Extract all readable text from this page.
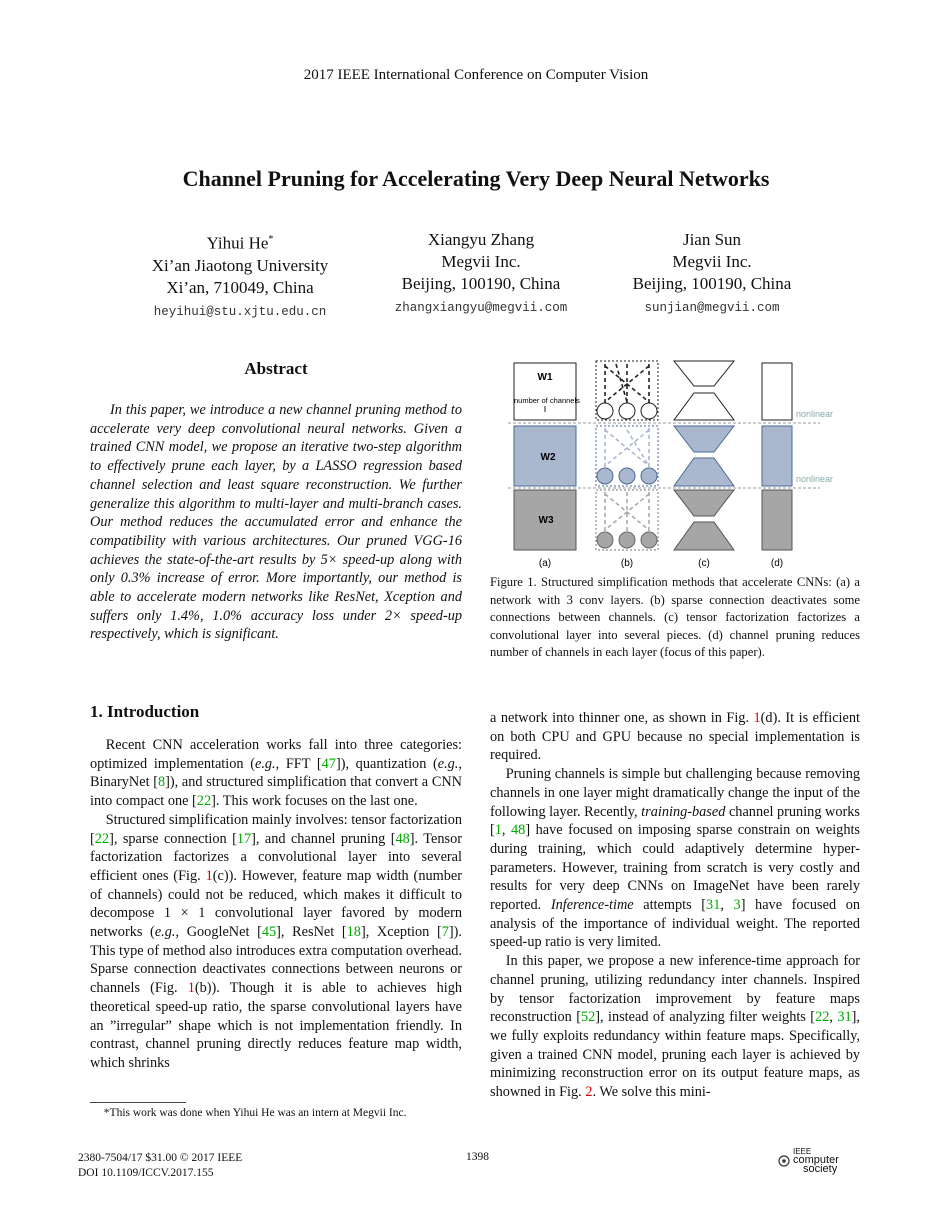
2017 IEEE International Conference on Computer Vision
Channel Pruning for Accelerating Very Deep Neural Networks
Yihui He*
Xi’an Jiaotong University
Xi’an, 710049, China
heyihui@stu.xjtu.edu.cn
Xiangyu Zhang
Megvii Inc.
Beijing, 100190, China
zhangxiangyu@megvii.com
Jian Sun
Megvii Inc.
Beijing, 100190, China
sunjian@megvii.com
Abstract

In this paper, we introduce a new channel pruning method to accelerate very deep convolutional neural networks. Given a trained CNN model, we propose an iterative two-step algorithm to effectively prune each layer, by a LASSO regression based channel selection and least square reconstruction. We further generalize this algorithm to multi-layer and multi-branch cases. Our method reduces the accumulated error and enhance the compatibility with various architectures. Our pruned VGG-16 achieves the state-of-the-art results by 5× speed-up along with only 0.3% increase of error. More importantly, our method is able to accelerate modern networks like ResNet, Xception and suffers only 1.4%, 1.0% accuracy loss under 2× speed-up respectively, which is significant.

nonlinear
nonlinear
W1
number of channels
W2
W3
(a)	(b)	(c)	(d)
Figure 1. Structured simplification methods that accelerate CNNs: (a) a network with 3 conv layers. (b) sparse connection deactivates some connections between channels. (c) tensor factorization factorizes a convolutional layer into several pieces. (d) channel pruning reduces number of channels in each layer (focus of this paper).
1. Introduction

Recent CNN acceleration works fall into three categories: optimized implementation (e.g., FFT [47]), quantization (e.g., BinaryNet [8]), and structured simplification that convert a CNN into compact one [22]. This work focuses on the last one.

Structured simplification mainly involves: tensor factorization [22], sparse connection [17], and channel pruning [48]. Tensor factorization factorizes a convolutional layer into several efficient ones (Fig. 1(c)). However, feature map width (number of channels) could not be reduced, which makes it difficult to decompose 1 × 1 convolutional layer favored by modern networks (e.g., GoogleNet [45], ResNet [18], Xception [7]). This type of method also introduces extra computation overhead. Sparse connection deactivates connections between neurons or channels (Fig. 1(b)). Though it is able to achieves high theoretical speed-up ratio, the sparse convolutional layers have an ”irregular” shape which is not implementation friendly. In contrast, channel pruning directly reduces feature map width, which shrinks

a network into thinner one, as shown in Fig. 1(d). It is efficient on both CPU and GPU because no special implementation is required.

Pruning channels is simple but challenging because removing channels in one layer might dramatically change the input of the following layer. Recently, training-based channel pruning works [1, 48] have focused on imposing sparse constrain on weights during training, which could adaptively determine hyper-parameters. However, training from scratch is very costly and results for very deep CNNs on ImageNet have been rarely reported. Inference-time attempts [31, 3] have focused on analysis of the importance of individual weight. The reported speed-up ratio is very limited.

In this paper, we propose a new inference-time approach for channel pruning, utilizing redundancy inter channels. Inspired by tensor factorization improvement by feature maps reconstruction [52], instead of analyzing filter weights [22, 31], we fully exploits redundancy within feature maps. Specifically, given a trained CNN model, pruning each layer is achieved by minimizing reconstruction error on its output feature maps, as showned in Fig. 2. We solve this mini-

*This work was done when Yihui He was an intern at Megvii Inc.
2380-7504/17 $31.00 © 2017 IEEE
DOI 10.1109/ICCV.2017.155
1398	IEEE
computer
society
